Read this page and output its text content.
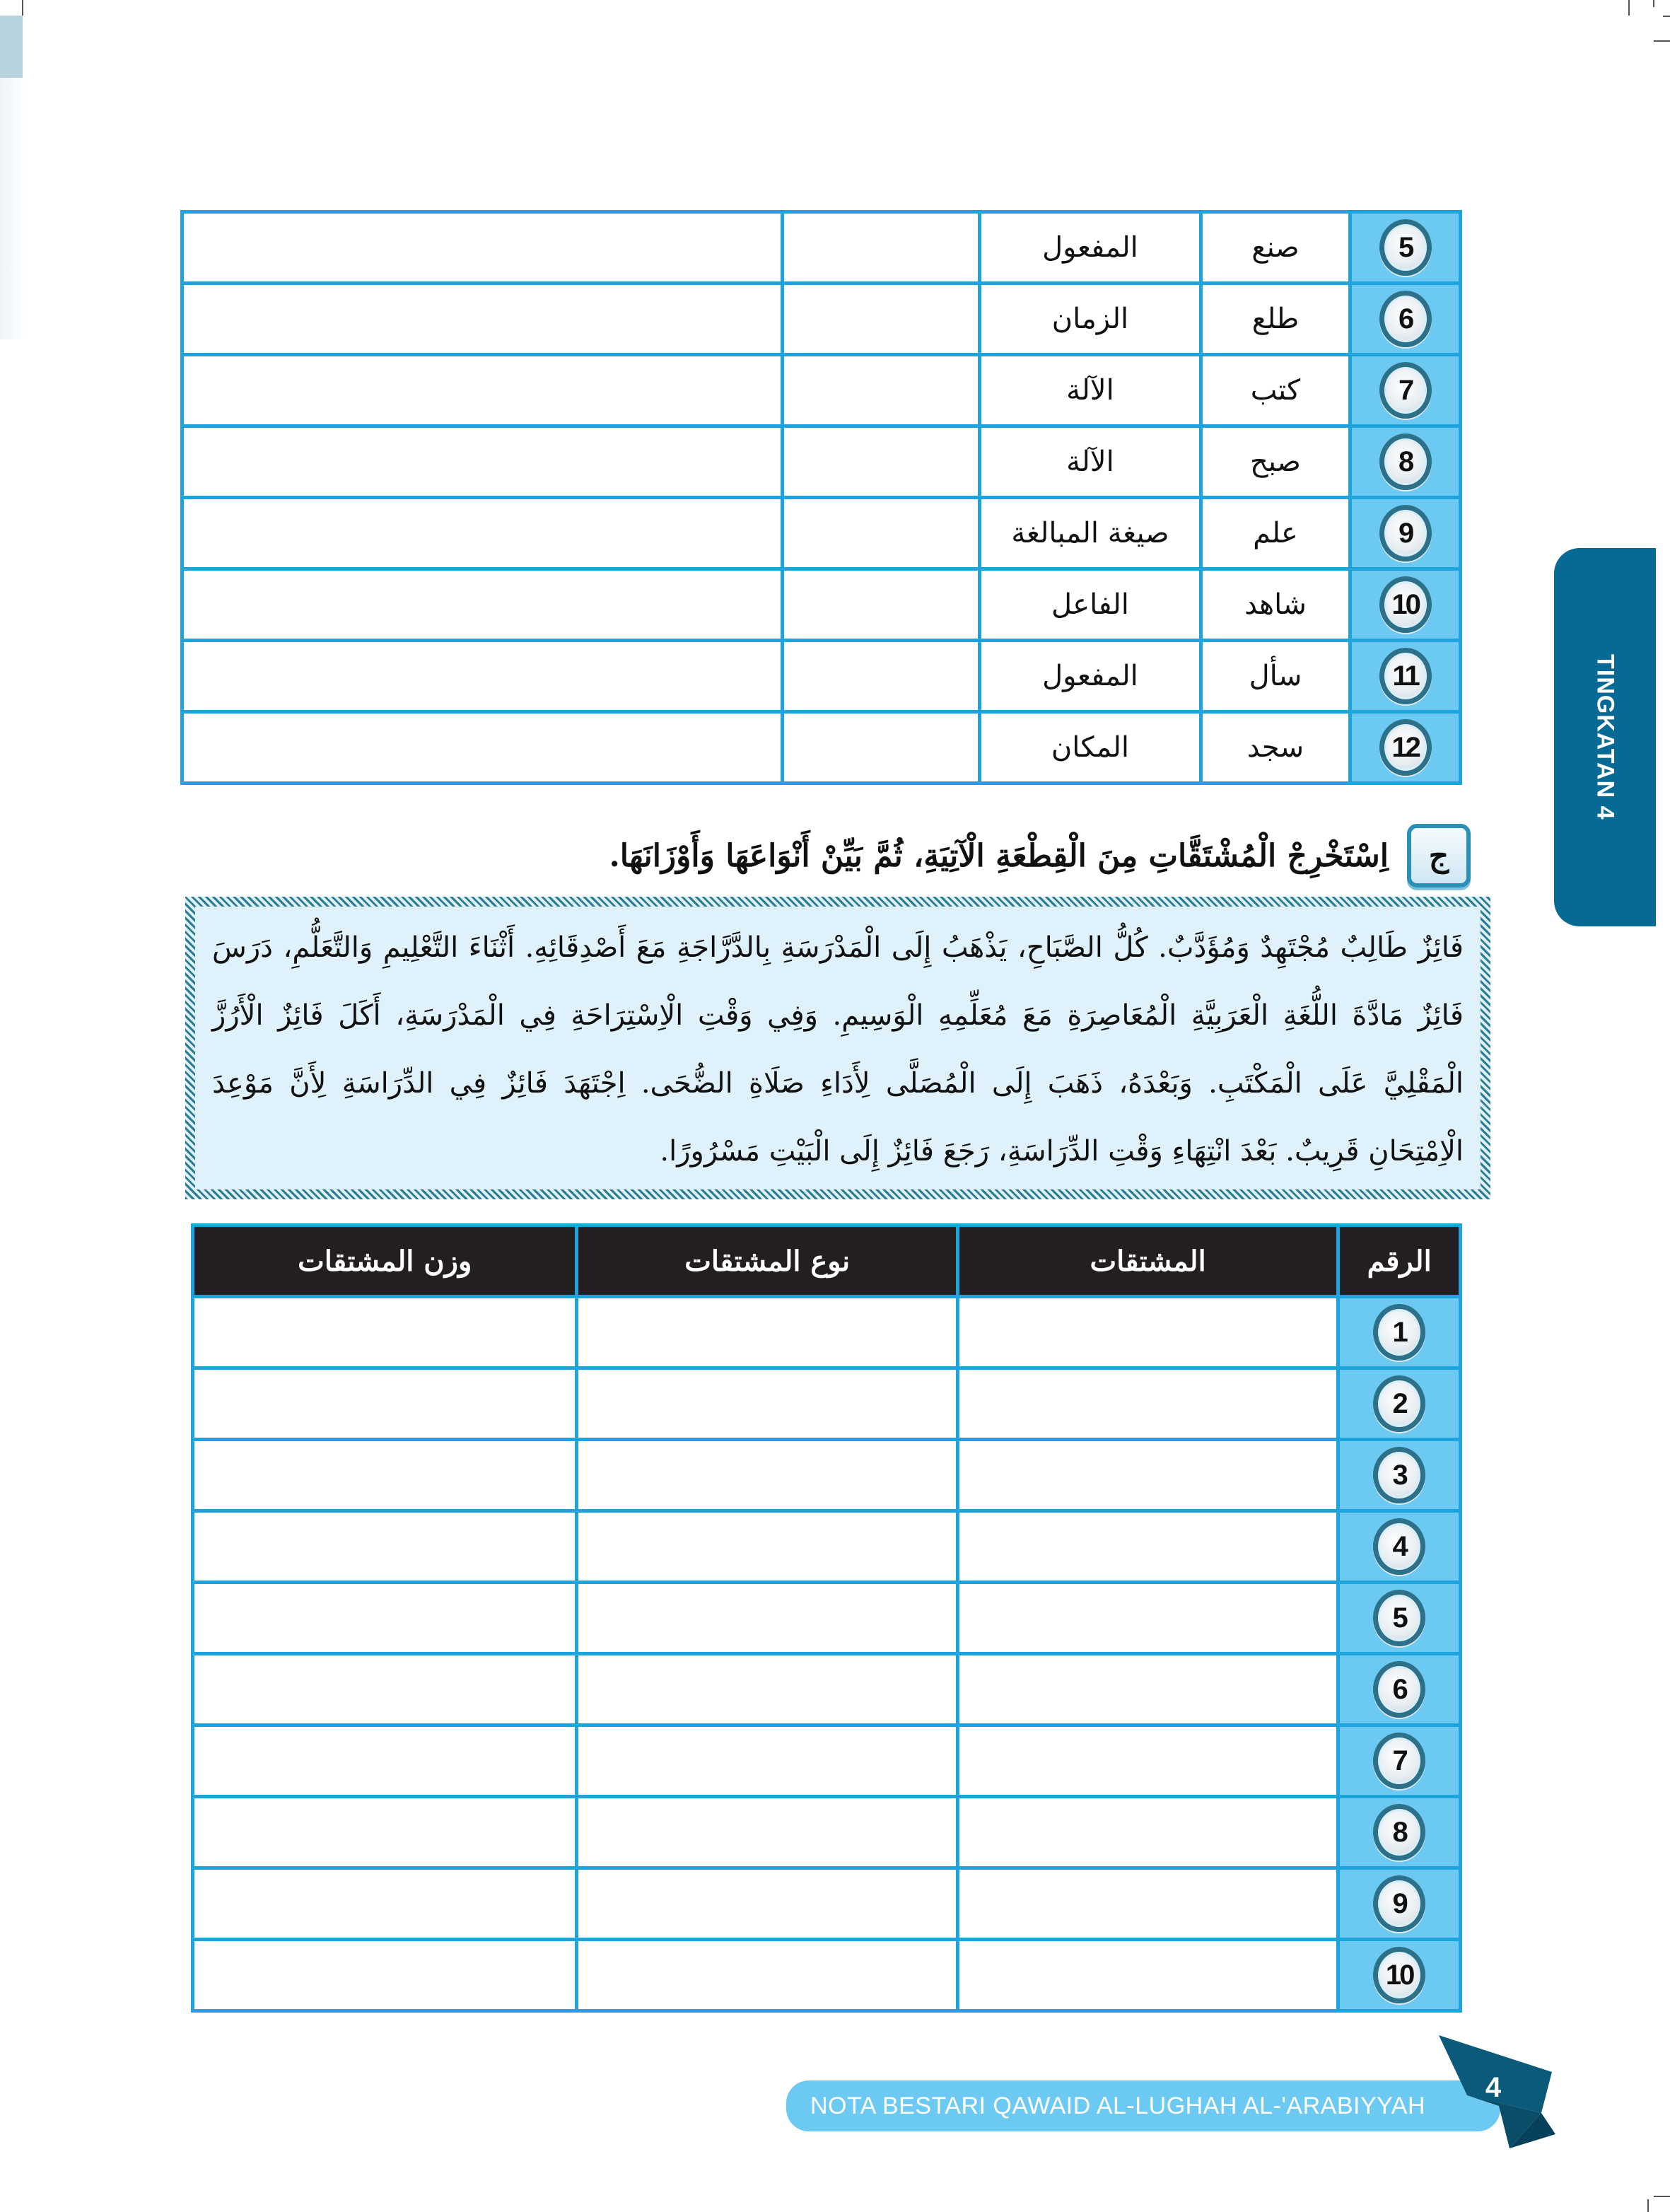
5	صنع	المفعول		
6	طلع	الزمان		
7	كتب	الآلة		
8	صبح	الآلة		
9	علم	صيغة المبالغة		
10	شاهد	الفاعل		
11	سأل	المفعول		
12	سجد	المكان		
ج
اِسْتَخْرِجْ الْمُشْتَقَّاتِ مِنَ الْقِطْعَةِ الْآتِيَةِ، ثُمَّ بَيِّنْ أَنْوَاعَهَا وَأَوْزَانَهَا.

فَائِزٌ طَالِبٌ مُجْتَهِدٌ وَمُؤَدَّبٌ. كُلُّ الصَّبَاحِ، يَذْهَبُ إِلَى الْمَدْرَسَةِ بِالدَّرَّاجَةِ مَعَ أَصْدِقَائِهِ. أَثْنَاءَ التَّعْلِيمِ وَالتَّعَلُّمِ، دَرَسَ فَائِزٌ مَادَّةَ اللُّغَةِ الْعَرَبِيَّةِ الْمُعَاصِرَةِ مَعَ مُعَلِّمِهِ الْوَسِيمِ. وَفِي وَقْتِ الْاِسْتِرَاحَةِ فِي الْمَدْرَسَةِ، أَكَلَ فَائِزٌ الْأَرُزَّ الْمَقْلِيَّ عَلَى الْمَكْتَبِ. وَبَعْدَهُ، ذَهَبَ إِلَى الْمُصَلَّى لِأَدَاءِ صَلَاةِ الضُّحَى. اِجْتَهَدَ فَائِزٌ فِي الدِّرَاسَةِ لِأَنَّ مَوْعِدَ الْاِمْتِحَانِ قَرِيبٌ. بَعْدَ انْتِهَاءِ وَقْتِ الدِّرَاسَةِ، رَجَعَ فَائِزٌ إِلَى الْبَيْتِ مَسْرُورًا.

الرقم	المشتقات	نوع المشتقات	وزن المشتقات
1			
2			
3			
4			
5			
6			
7			
8			
9			
10			
TINGKATAN 4
NOTA BESTARI QAWAID AL-LUGHAH AL-'ARABIYYAH
4
